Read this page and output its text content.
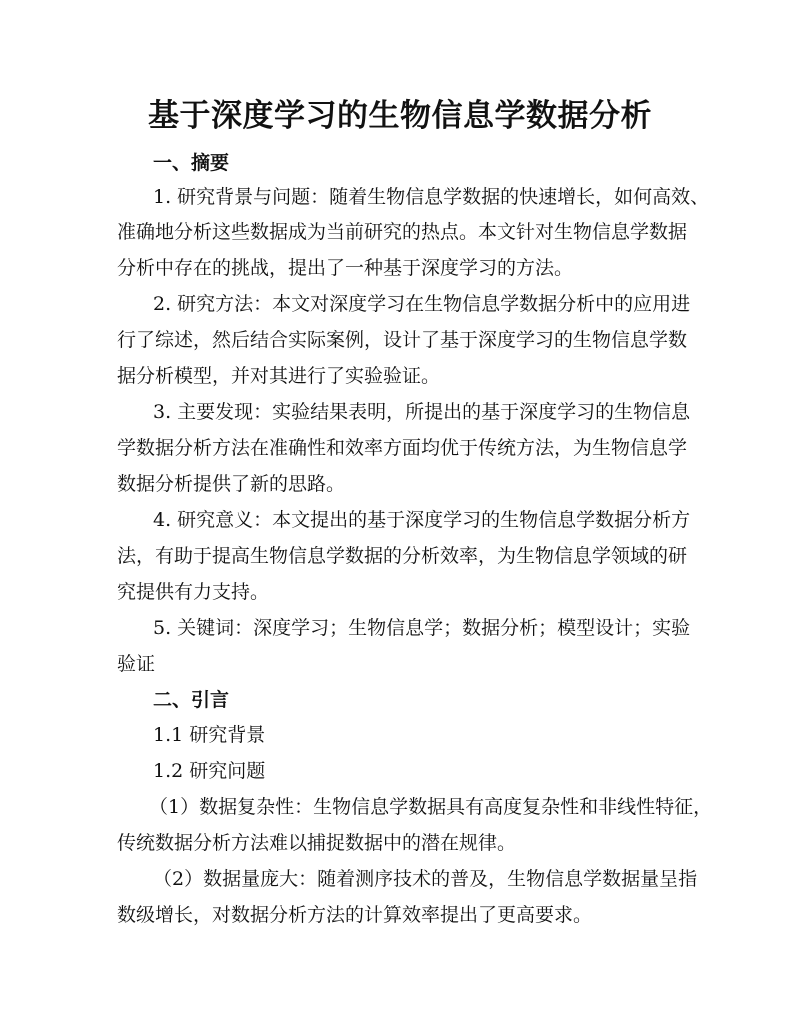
基于深度学习的生物信息学数据分析
一、摘要
1. 研究背景与问题：随着生物信息学数据的快速增长，如何高效、
准确地分析这些数据成为当前研究的热点。本文针对生物信息学数据
分析中存在的挑战，提出了一种基于深度学习的方法。
2. 研究方法：本文对深度学习在生物信息学数据分析中的应用进
行了综述，然后结合实际案例，设计了基于深度学习的生物信息学数
据分析模型，并对其进行了实验验证。
3. 主要发现：实验结果表明，所提出的基于深度学习的生物信息
学数据分析方法在准确性和效率方面均优于传统方法，为生物信息学
数据分析提供了新的思路。
4. 研究意义：本文提出的基于深度学习的生物信息学数据分析方
法，有助于提高生物信息学数据的分析效率，为生物信息学领域的研
究提供有力支持。
5. 关键词：深度学习；生物信息学；数据分析；模型设计；实验
验证
二、引言
1.1 研究背景
1.2 研究问题
（1）数据复杂性：生物信息学数据具有高度复杂性和非线性特征，
传统数据分析方法难以捕捉数据中的潜在规律。
（2）数据量庞大：随着测序技术的普及，生物信息学数据量呈指
数级增长，对数据分析方法的计算效率提出了更高要求。
